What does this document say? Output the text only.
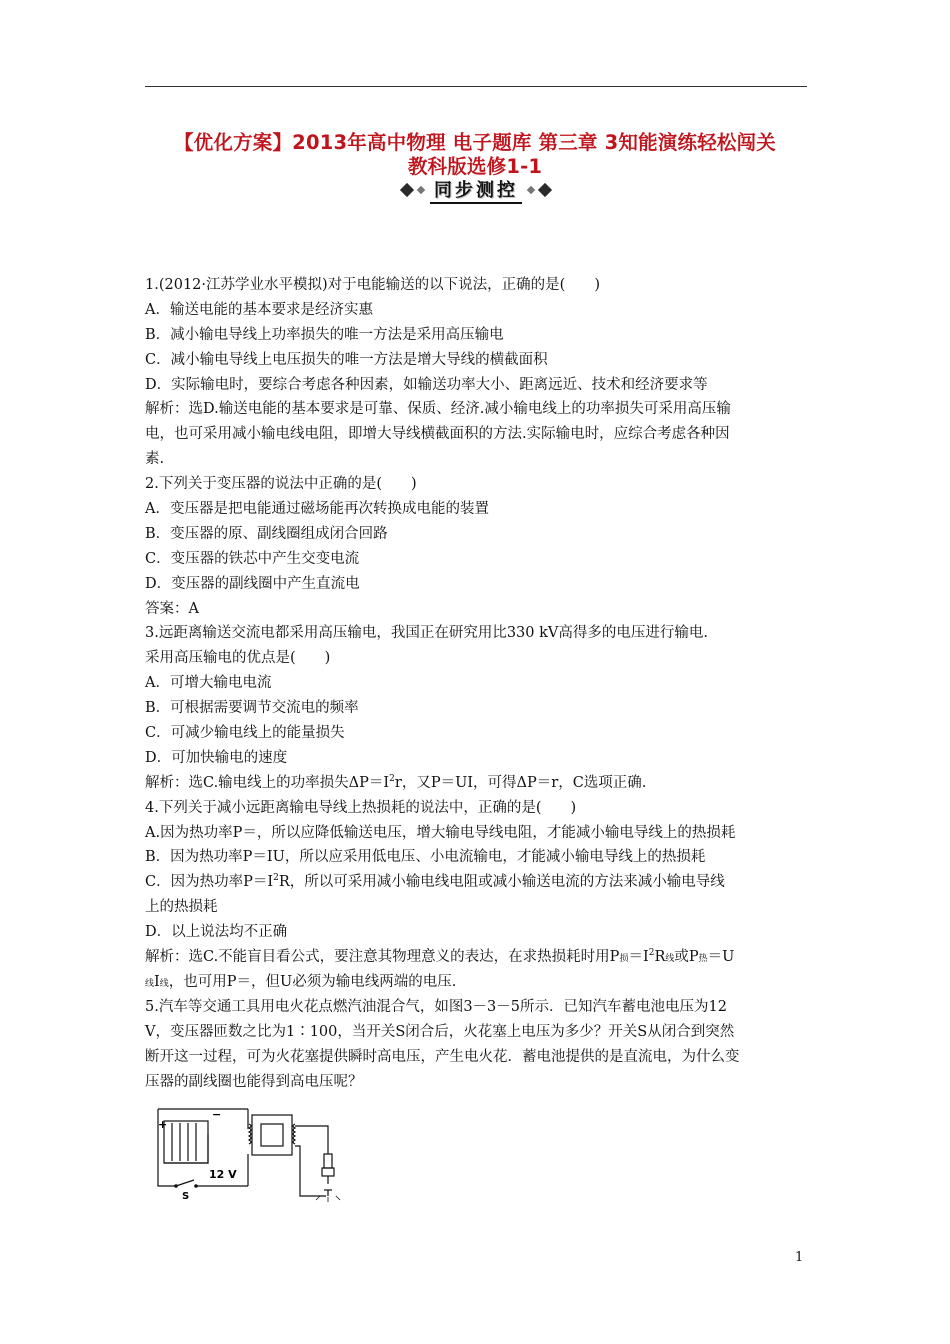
【优化方案】2013年高中物理 电子题库 第三章 3知能演练轻松闯关
教科版选修1-1
同步测控
1.(2012·江苏学业水平模拟)对于电能输送的以下说法，正确的是(　　)
A．输送电能的基本要求是经济实惠
B．减小输电导线上功率损失的唯一方法是采用高压输电
C．减小输电导线上电压损失的唯一方法是增大导线的横截面积
D．实际输电时，要综合考虑各种因素，如输送功率大小、距离远近、技术和经济要求等
解析：选D.输送电能的基本要求是可靠、保质、经济.减小输电线上的功率损失可采用高压输
电，也可采用减小输电线电阻，即增大导线横截面积的方法.实际输电时，应综合考虑各种因
素.
2.下列关于变压器的说法中正确的是(　　)
A．变压器是把电能通过磁场能再次转换成电能的装置
B．变压器的原、副线圈组成闭合回路
C．变压器的铁芯中产生交变电流
D．变压器的副线圈中产生直流电
答案：A
3.远距离输送交流电都采用高压输电，我国正在研究用比330 kV高得多的电压进行输电.
采用高压输电的优点是(　　)
A．可增大输电电流
B．可根据需要调节交流电的频率
C．可减少输电线上的能量损失
D．可加快输电的速度
解析：选C.输电线上的功率损失$\Delta P=I^2r$，又P＝UI，可得ΔP＝r，C选项正确.
4.下列关于减小远距离输电导线上热损耗的说法中，正确的是(　　)
A.因为热功率P＝，所以应降低输送电压，增大输电导线电阻，才能减小输电导线上的热损耗
B．因为热功率P＝IU，所以应采用低电压、小电流输电，才能减小输电导线上的热损耗
C．因为热功率$P=I^2R$，所以可采用减小输电线电阻或减小输送电流的方法来减小输电导线
上的热损耗
D．以上说法均不正确
解析：选C.不能盲目看公式，要注意其物理意义的表达，在求热损耗时用P损$=I^2R$线或P热＝U
线I线，也可用P＝，但U必须为输电线两端的电压.
5.汽车等交通工具用电火花点燃汽油混合气，如图3－3－5所示．已知汽车蓄电池电压为12
V，变压器匝数之比为1∶100，当开关S闭合后，火花塞上电压为多少？开关S从闭合到突然
断开这一过程，可为火花塞提供瞬时高电压，产生电火花．蓄电池提供的是直流电，为什么变
压器的副线圈也能得到高电压呢？
+
−
12 V
S
1
